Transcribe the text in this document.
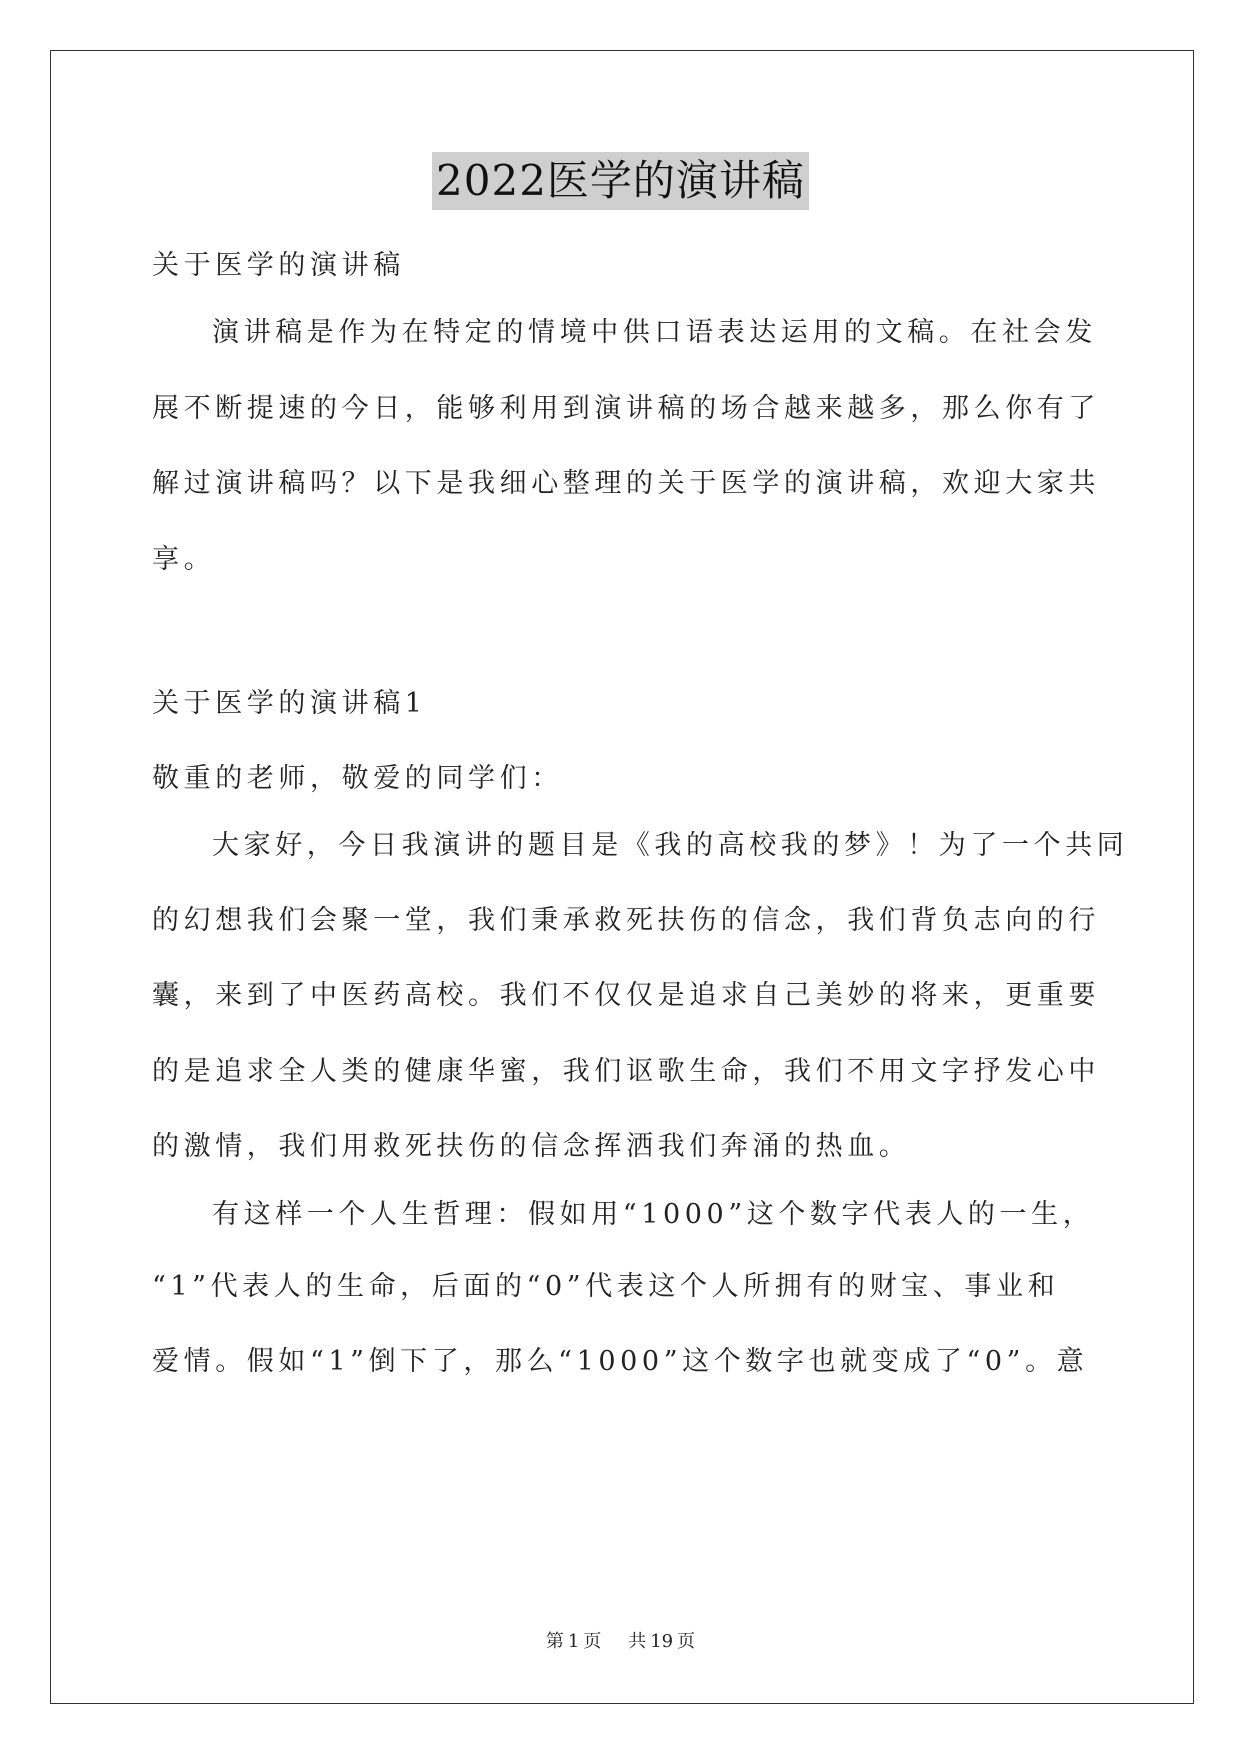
2022医学的演讲稿
关于医学的演讲稿
演讲稿是作为在特定的情境中供口语表达运用的文稿。在社会发
展不断提速的今日，能够利用到演讲稿的场合越来越多，那么你有了
解过演讲稿吗？以下是我细心整理的关于医学的演讲稿，欢迎大家共
享。
关于医学的演讲稿1
敬重的老师，敬爱的同学们：
大家好，今日我演讲的题目是《我的高校我的梦》！为了一个共同
的幻想我们会聚一堂，我们秉承救死扶伤的信念，我们背负志向的行
囊，来到了中医药高校。我们不仅仅是追求自己美妙的将来，更重要
的是追求全人类的健康华蜜，我们讴歌生命，我们不用文字抒发心中
的激情，我们用救死扶伤的信念挥洒我们奔涌的热血。
有这样一个人生哲理：假如用“1000”这个数字代表人的一生，
“1”代表人的生命，后面的“0”代表这个人所拥有的财宝、事业和
爱情。假如“1”倒下了，那么“1000”这个数字也就变成了“0”。意
第 1 页 共 19 页
